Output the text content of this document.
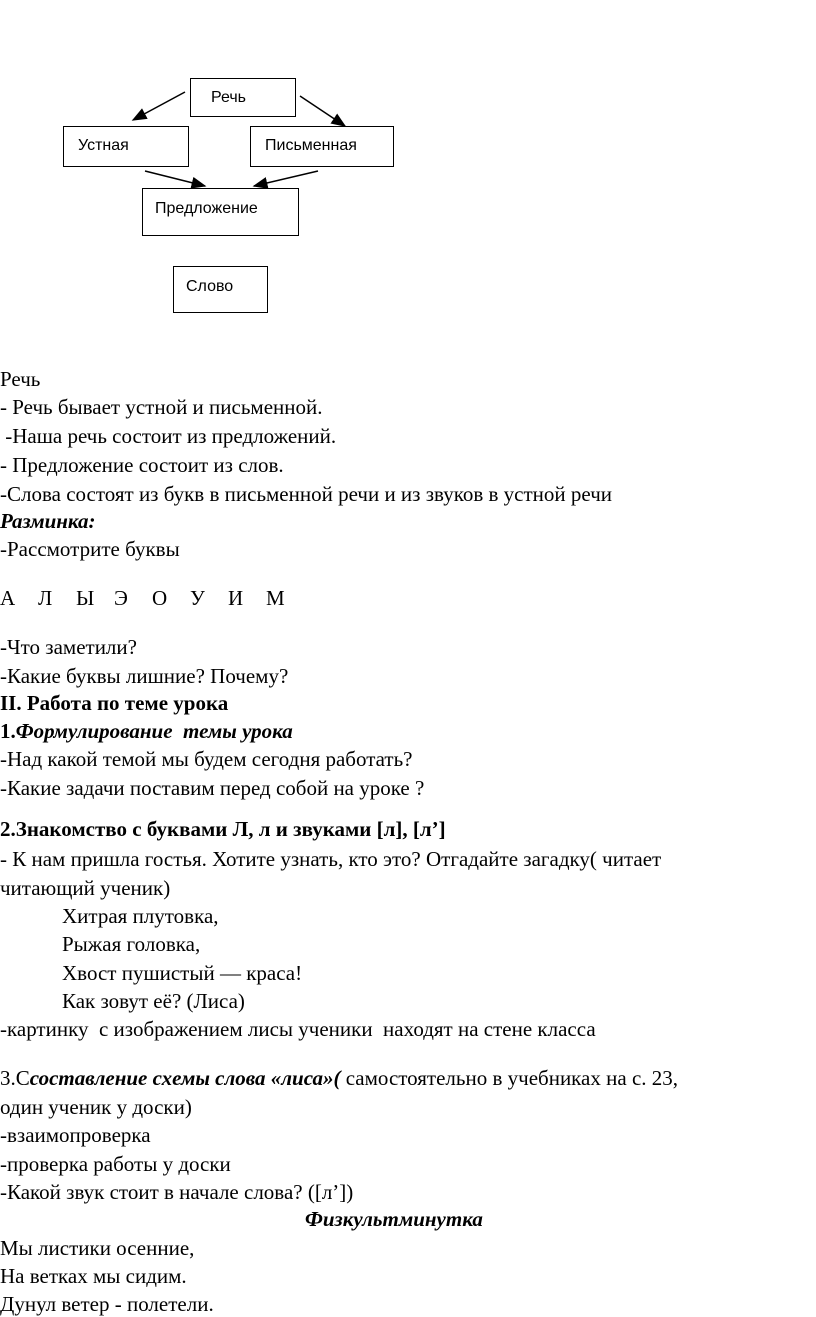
Речь
Устная	Письменная
Предложение
Слово
Речь
- Речь бывает устной и письменной.
-Наша речь состоит из предложений.
- Предложение состоит из слов.
-Слова состоят из букв в письменной речи и из звуков в устной речи
Разминка:
-Рассмотрите буквы
А	Л	Ы Э	О	У	И	М
-Что заметили?
-Какие буквы лишние? Почему?
II. Работа по теме урока
1.Формулирование  темы урока
-Над какой темой мы будем сегодня работать?
-Какие задачи поставим перед собой на уроке ?
2.Знакомство с буквами Л, л и звуками [л], [л’]
- К нам пришла гостья. Хотите узнать, кто это? Отгадайте загадку( читает
читающий ученик)
Хитрая плутовка,
Рыжая головка,
Хвост пушистый — краса!
Как зовут её? (Лиса)
-картинку  с изображением лисы ученики  находят на стене класса
3.Ссоставление схемы слова «лиса»( самостоятельно в учебниках на с. 23,
один ученик у доски)
-взаимопроверка
-проверка работы у доски
-Какой звук стоит в начале слова? ([л’])
Физкультминутка
Мы листики осенние,
На ветках мы сидим.
Дунул ветер - полетели.
